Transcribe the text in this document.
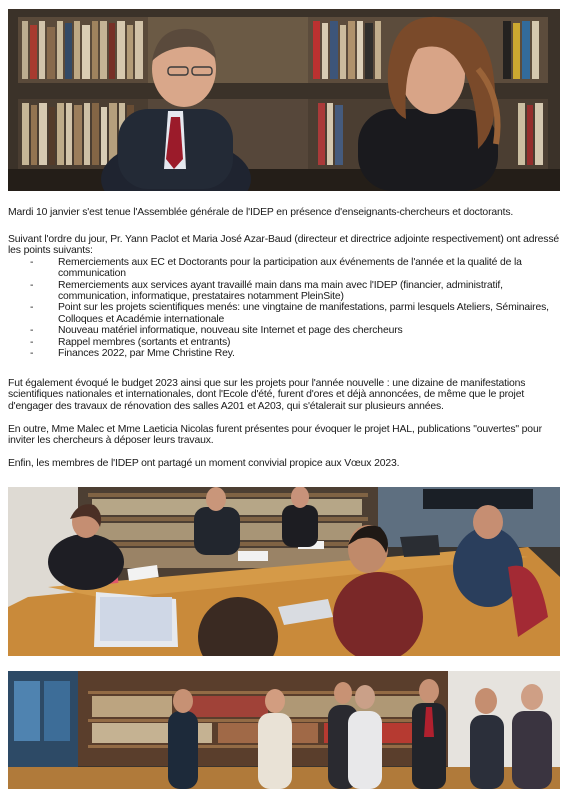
Mardi 10 janvier s'est tenue l'Assemblée générale de l'IDEP en présence d'enseignants-chercheurs et doctorants.

Suivant l'ordre du jour, Pr. Yann Paclot et Maria José Azar-Baud (directeur et directrice adjointe respectivement) ont adressé les points suivants:

- Remerciements aux EC et Doctorants pour la participation aux événements de l'année et la qualité de la communication
- Remerciements aux services ayant travaillé main dans ma main avec l'IDEP (financier, administratif, communication, informatique, prestataires notamment PleinSite)
- Point sur les projets scientifiques menés: une vingtaine de manifestations, parmi lesquels Ateliers, Séminaires, Colloques et Académie internationale
- Nouveau matériel informatique, nouveau site Internet et page des chercheurs
- Rappel membres (sortants et entrants)
- Finances 2022, par Mme Christine Rey.

Fut également évoqué le budget 2023 ainsi que sur les projets pour l'année nouvelle : une dizaine de manifestations scientifiques nationales et internationales, dont l'Ecole d'été, furent d'ores et déjà annoncées, de même que le projet d'engager des travaux de rénovation des salles A201 et A203, qui s'étalerait sur plusieurs années.

En outre, Mme Malec et Mme Laeticia Nicolas furent présentes pour évoquer le projet HAL, publications "ouvertes" pour inviter les chercheurs à déposer leurs travaux.

Enfin, les membres de l'IDEP ont partagé un moment convivial propice aux Vœux 2023.
